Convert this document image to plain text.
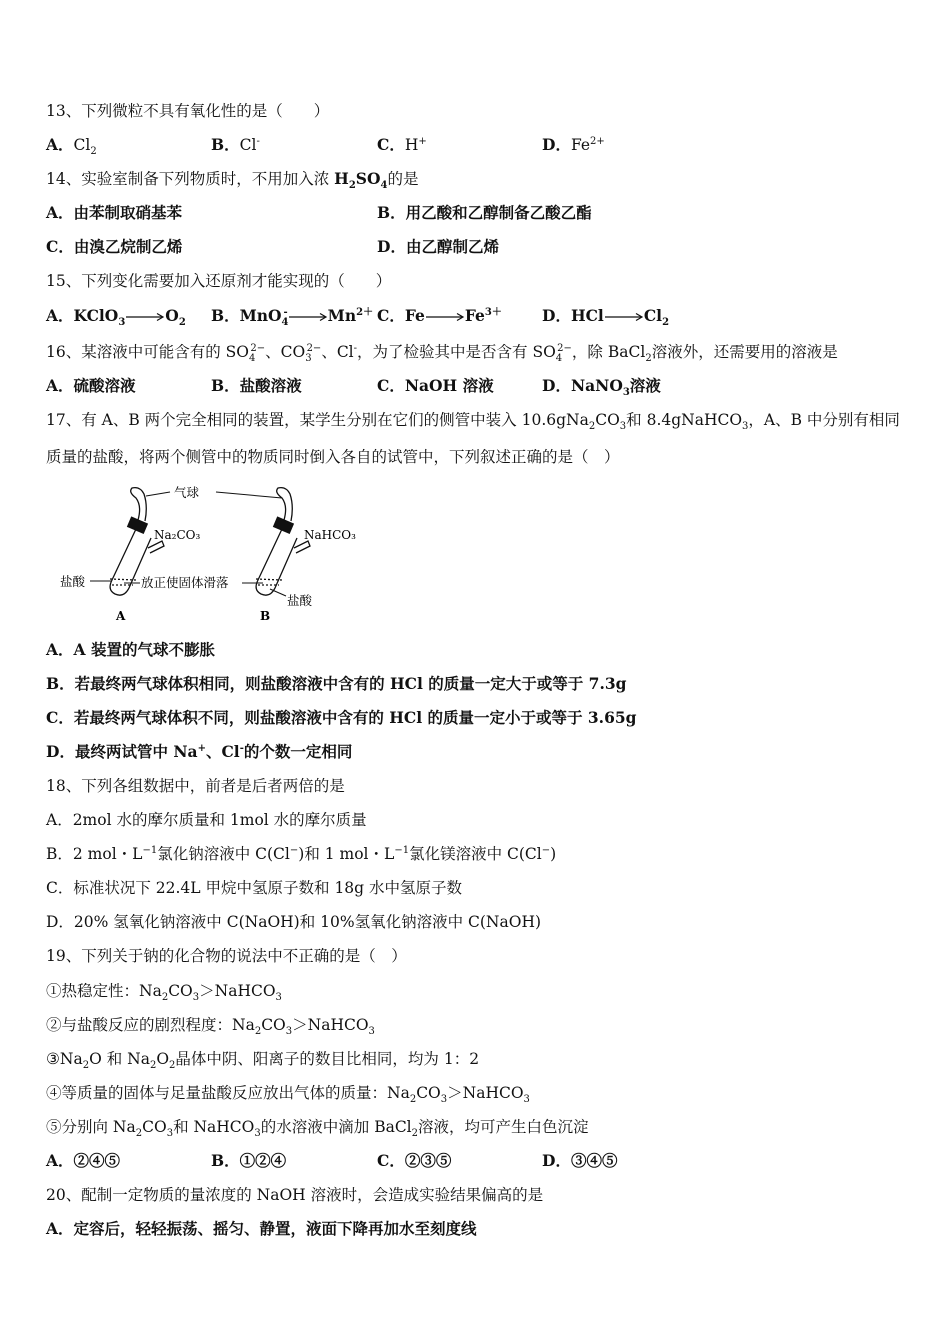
13、下列微粒不具有氧化性的是（　　）
A．$Cl_2$	B．Cl-	C．H+	D．$Fe^{2+}$
14、实验室制备下列物质时，不用加入浓 $H_2SO_4$的是
A．由苯制取硝基苯	B．用乙酸和乙醇制备乙酸乙酯
C．由溴乙烷制乙烯	D．由乙醇制乙烯
15、下列变化需要加入还原剂才能实现的（　　）
A．KClO$_3$ $\to O_2$ B．$MnO_4^-\to Mn^{2+}$ C．$Fe\to Fe^{3+}$	D．$HCl\to Cl_2$
16、某溶液中可能含有的 $SO_4^{2-}$、$CO_3^{2-}$、Cl-，为了检验其中是否含有 $SO_4^{2-}$，除 BaCl$_2$溶液外，还需要用的溶液是
A．硫酸溶液	B．盐酸溶液	C．NaOH 溶液	D．NaNO$_3$溶液
17、有 A、B 两个完全相同的装置，某学生分别在它们的侧管中装入 $10.6gNa_2CO_3$和 8.4gNaHCO$_3$，A、B 中分别有相同
质量的盐酸，将两个侧管中的物质同时倒入各自的试管中，下列叙述正确的是（　）
气球
Na₂CO₃	NaHCO₃
盐酸	放正使固体滑落
盐酸
A	B
A．A 装置的气球不膨胀
B．若最终两气球体积相同，则盐酸溶液中含有的 HCl 的质量一定大于或等于 7.3g
C．若最终两气球体积不同，则盐酸溶液中含有的 HCl 的质量一定小于或等于 3.65g
D．最终两试管中 Na+、Cl-的个数一定相同
18、下列各组数据中，前者是后者两倍的是
A．2mol 水的摩尔质量和 1mol 水的摩尔质量
B．2 mol・$L^{-1}$氯化钠溶液中 C(Cl−)和 1 mol・$L^{-1}$氯化镁溶液中 C(Cl−)
C．标准状况下 22.4L 甲烷中氢原子数和 18g 水中氢原子数
D．20% 氢氧化钠溶液中 C(NaOH)和 10%氢氧化钠溶液中 C(NaOH)
19、下列关于钠的化合物的说法中不正确的是（　）
①热稳定性：$Na_2CO_3>NaHCO_3$
②与盐酸反应的剧烈程度：$Na_2CO_3>NaHCO_3$
$③Na_2O$ 和 $Na_2O_2$晶体中阴、阳离子的数目比相同，均为 1：2
④等质量的固体与足量盐酸反应放出气体的质量：$Na_2CO_3>NaHCO_3$
⑤分别向 $Na_2CO_3$和 NaHCO$_3$的水溶液中滴加 BaCl$_2$溶液，均可产生白色沉淀
A．②④⑤	B．①②④	C．②③⑤	D．③④⑤
20、配制一定物质的量浓度的 NaOH 溶液时，会造成实验结果偏高的是
A．定容后，轻轻振荡、摇匀、静置，液面下降再加水至刻度线
